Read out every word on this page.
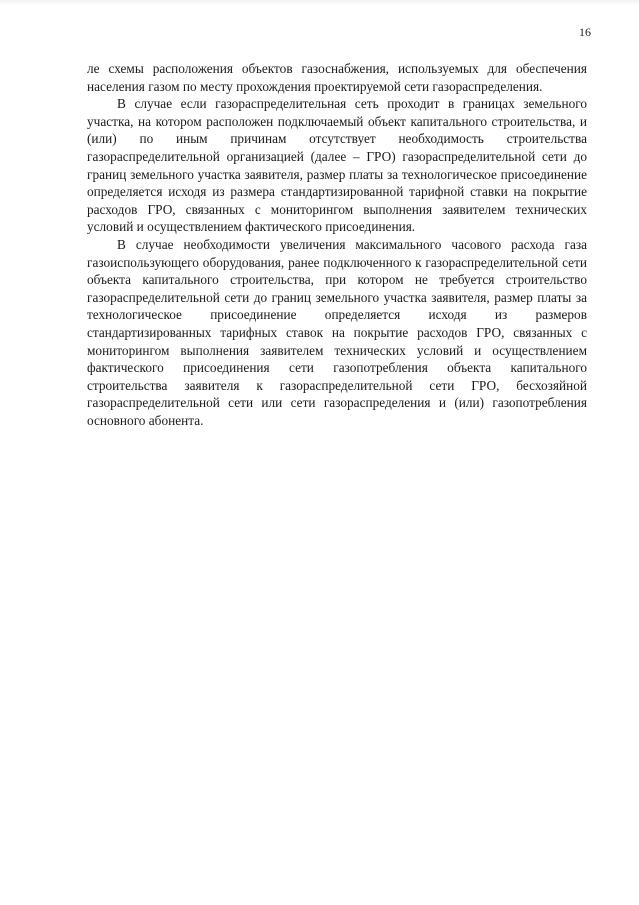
16

ле схемы расположения объектов газоснабжения, используемых для обеспечения населения газом по месту прохождения проектируемой сети газораспределения.

В случае если газораспределительная сеть проходит в границах земельного участка, на котором расположен подключаемый объект капитального строительства, и (или) по иным причинам отсутствует необходимость строительства газораспределительной организацией (далее – ГРО) газораспределительной сети до границ земельного участка заявителя, размер платы за технологическое присоединение определяется исходя из размера стандартизированной тарифной ставки на покрытие расходов ГРО, связанных с мониторингом выполнения заявителем технических условий и осуществлением фактического присоединения.

В случае необходимости увеличения максимального часового расхода газа газоиспользующего оборудования, ранее подключенного к газораспределительной сети объекта капитального строительства, при котором не требуется строительство газораспределительной сети до границ земельного участка заявителя, размер платы за технологическое присоединение определяется исходя из размеров стандартизированных тарифных ставок на покрытие расходов ГРО, связанных с мониторингом выполнения заявителем технических условий и осуществлением фактического присоединения сети газопотребления объекта капитального строительства заявителя к газораспределительной сети ГРО, бесхозяйной газораспределительной сети или сети газораспределения и (или) газопотребления основного абонента.
